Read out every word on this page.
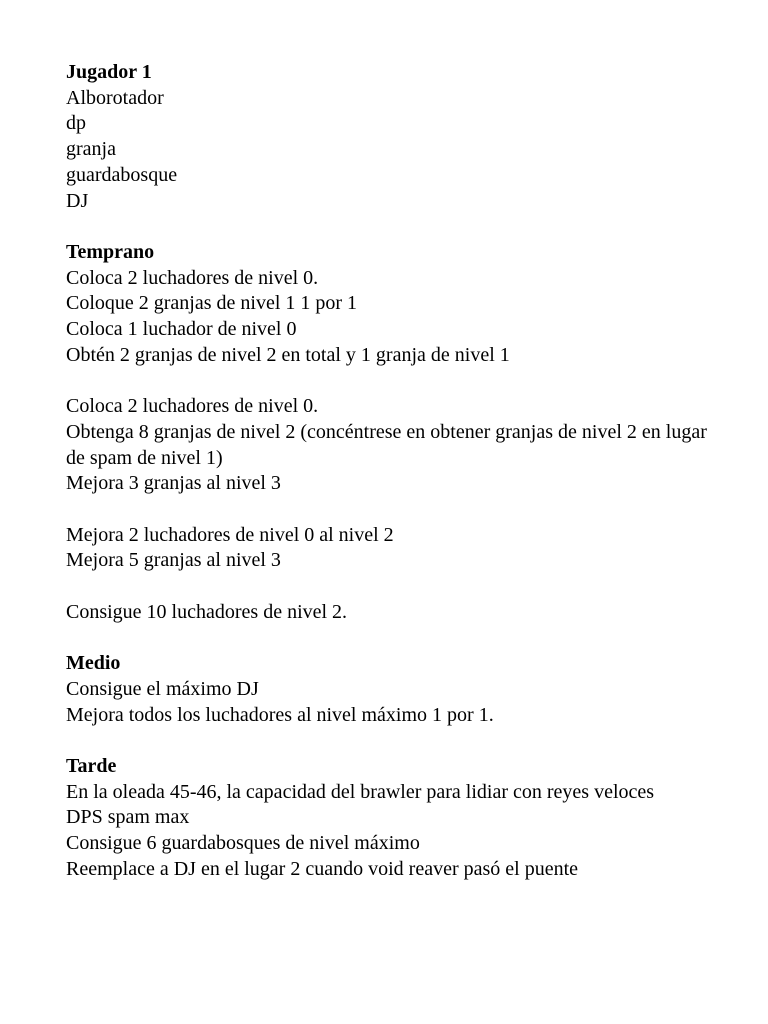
Jugador 1

Alborotador

dp

granja

guardabosque

DJ

Temprano

Coloca 2 luchadores de nivel 0.

Coloque 2 granjas de nivel 1 1 por 1

Coloca 1 luchador de nivel 0

Obtén 2 granjas de nivel 2 en total y 1 granja de nivel 1

Coloca 2 luchadores de nivel 0.

Obtenga 8 granjas de nivel 2 (concéntrese en obtener granjas de nivel 2 en lugar de spam de nivel 1)

Mejora 3 granjas al nivel 3

Mejora 2 luchadores de nivel 0 al nivel 2

Mejora 5 granjas al nivel 3

Consigue 10 luchadores de nivel 2.

Medio

Consigue el máximo DJ

Mejora todos los luchadores al nivel máximo 1 por 1.

Tarde

En la oleada 45-46, la capacidad del brawler para lidiar con reyes veloces

DPS spam max

Consigue 6 guardabosques de nivel máximo

Reemplace a DJ en el lugar 2 cuando void reaver pasó el puente
